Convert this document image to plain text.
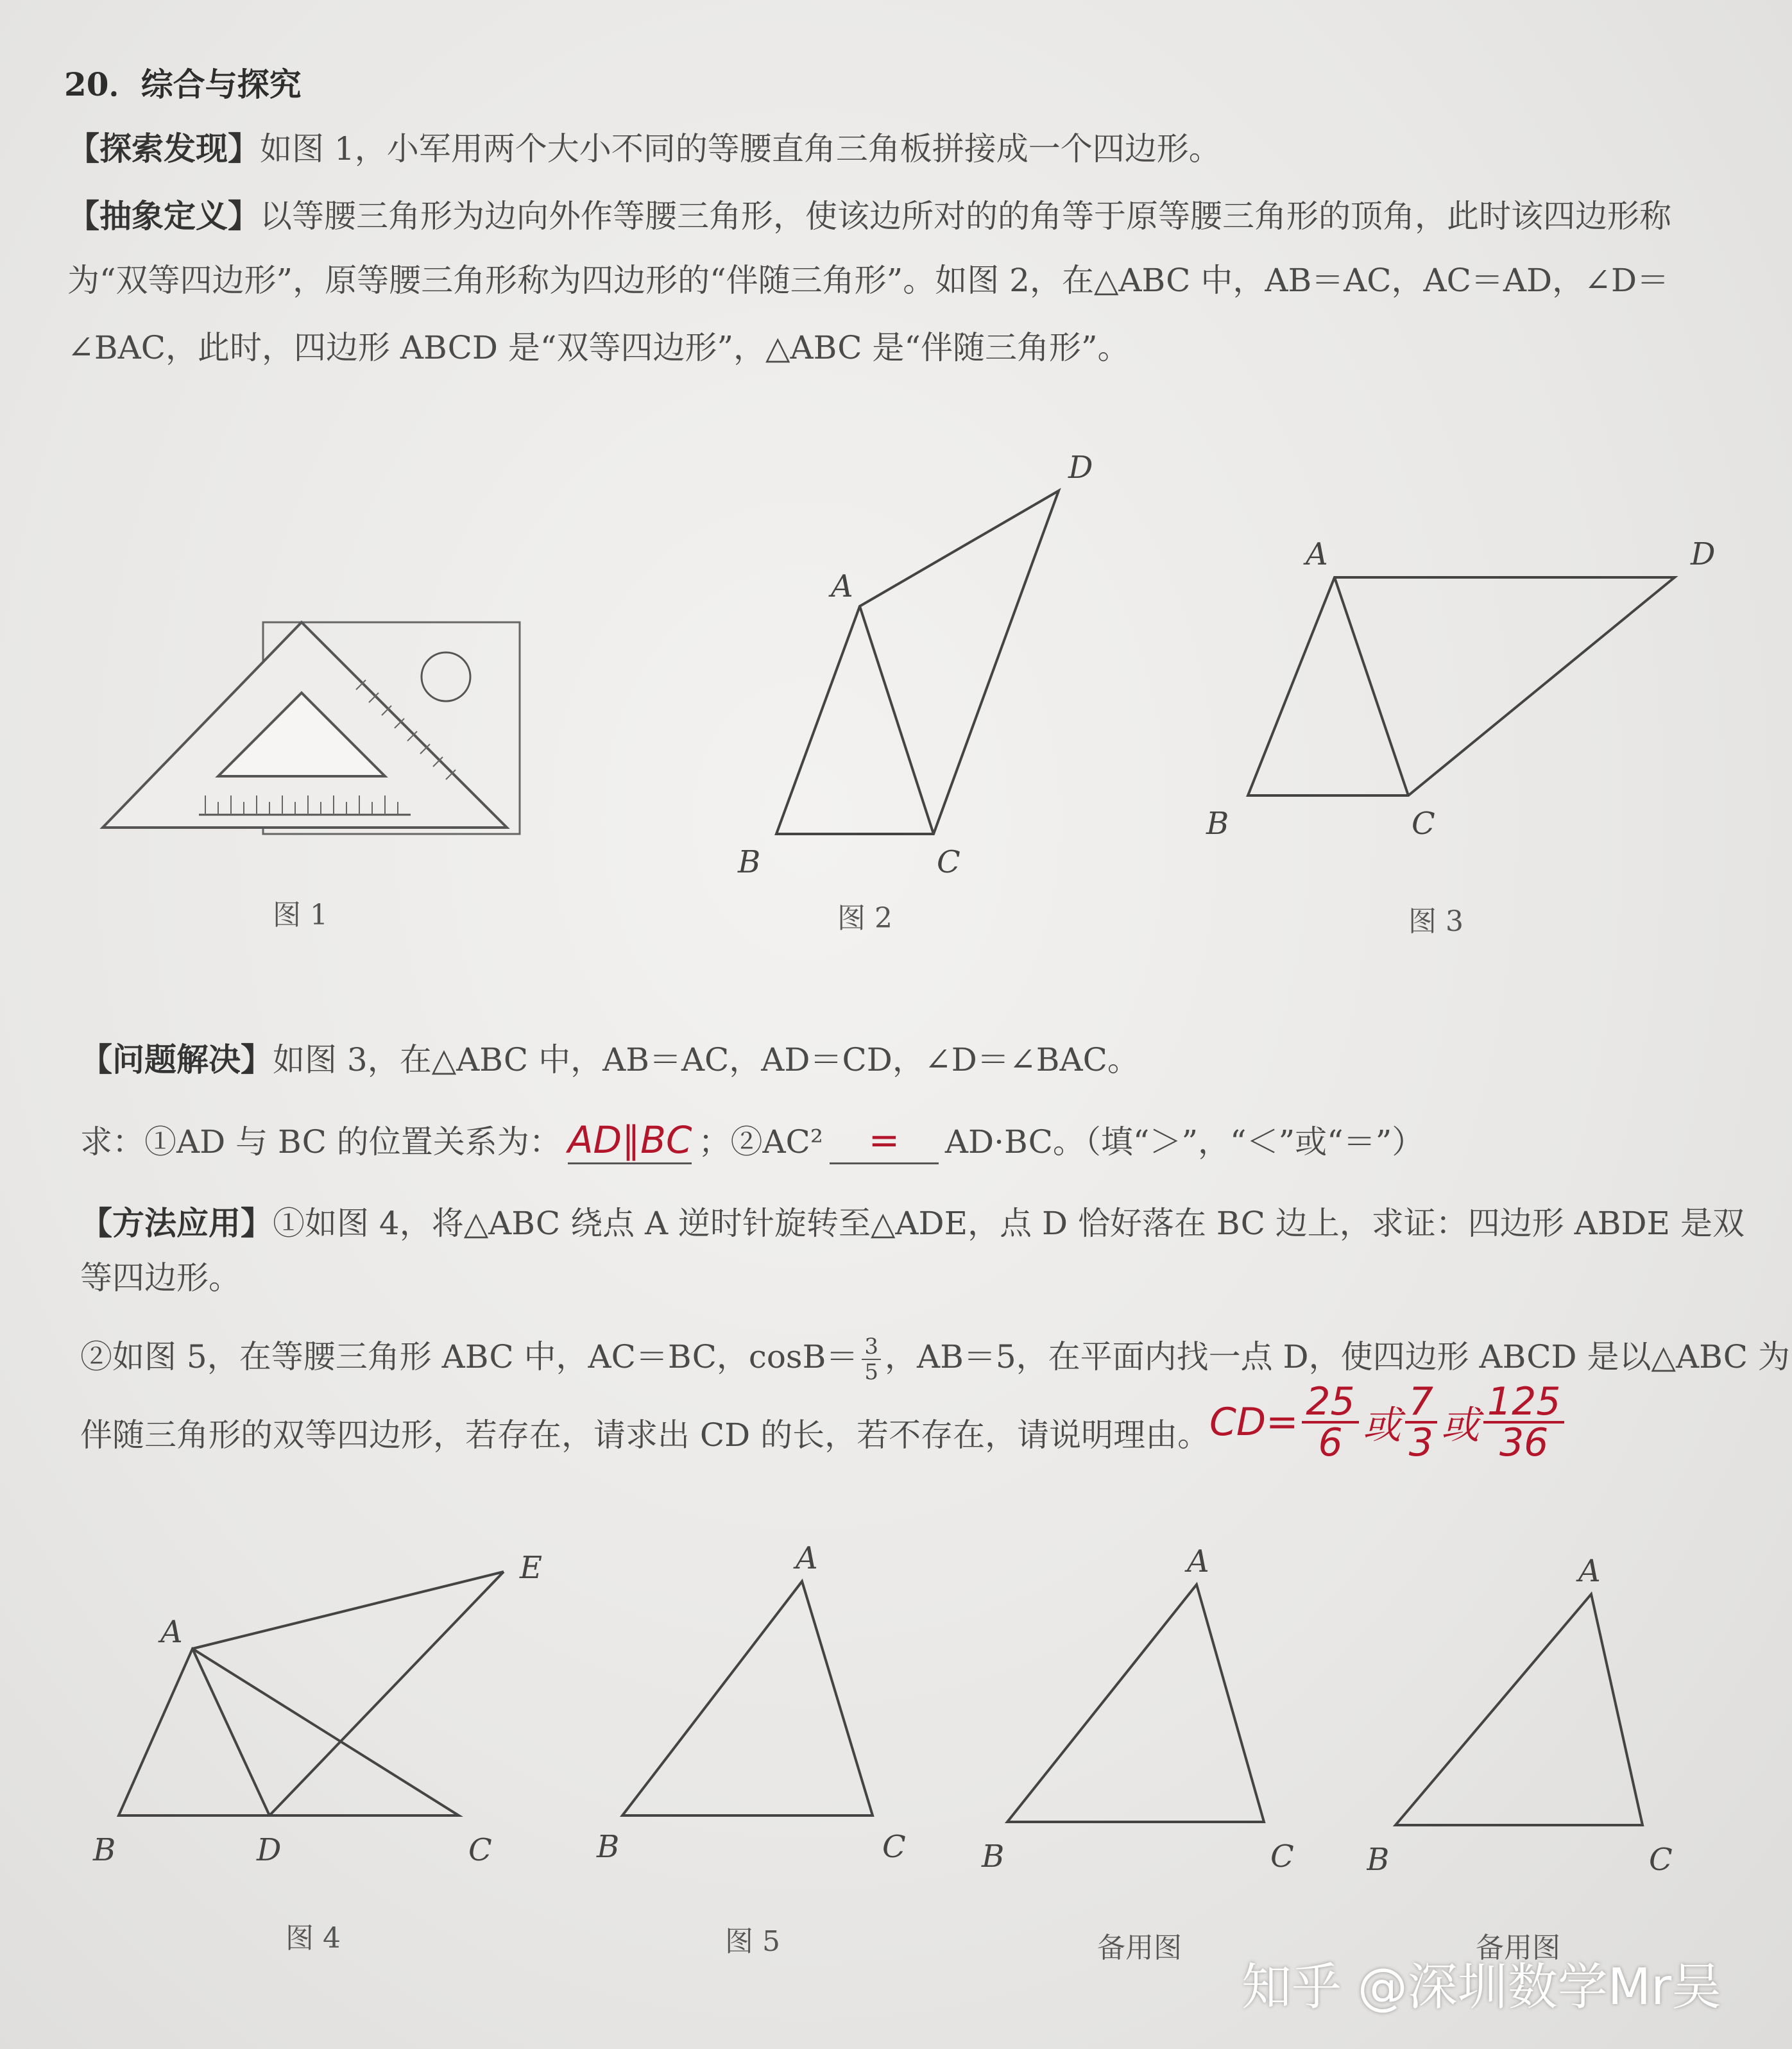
20．综合与探究
【探索发现】如图 1，小军用两个大小不同的等腰直角三角板拼接成一个四边形。
【抽象定义】以等腰三角形为边向外作等腰三角形，使该边所对的的角等于原等腰三角形的顶角，此时该四边形称
为“双等四边形”，原等腰三角形称为四边形的“伴随三角形”。如图 2，在△ABC 中，AB＝AC，AC＝AD，∠D＝
∠BAC，此时，四边形 ABCD 是“双等四边形”，△ABC 是“伴随三角形”。
图 1
A
D
B	C
图 2
A	D
B	C
图 3
【问题解决】如图 3，在△ABC 中，AB＝AC，AD＝CD，∠D＝∠BAC。
求：①AD 与 BC 的位置关系为： AD∥BC ；②AC² = AD·BC。（填“＞”，“＜”或“＝”）
【方法应用】①如图 4，将△ABC 绕点 A 逆时针旋转至△ADE，点 D 恰好落在 BC 边上，求证：四边形 ABDE 是双
等四边形。
②如图 5，在等腰三角形 ABC 中，AC＝BC，$\cos B= \frac{3}{5}$ ，AB＝5，在平面内找一点 D，使四边形 ABCD 是以△ABC 为
伴随三角形的双等四边形，若存在，请求出 CD 的长，若不存在，请说明理由。 $CD= \frac{25}{6}$ 或 $\frac{7}{3}$ 或 $\frac{125}{36}$
A
E
B	D	C
图 4
A
B	C
图 5
A
B	C
备用图
A
B	C
备用图
知乎 @深圳数学Mr吴
